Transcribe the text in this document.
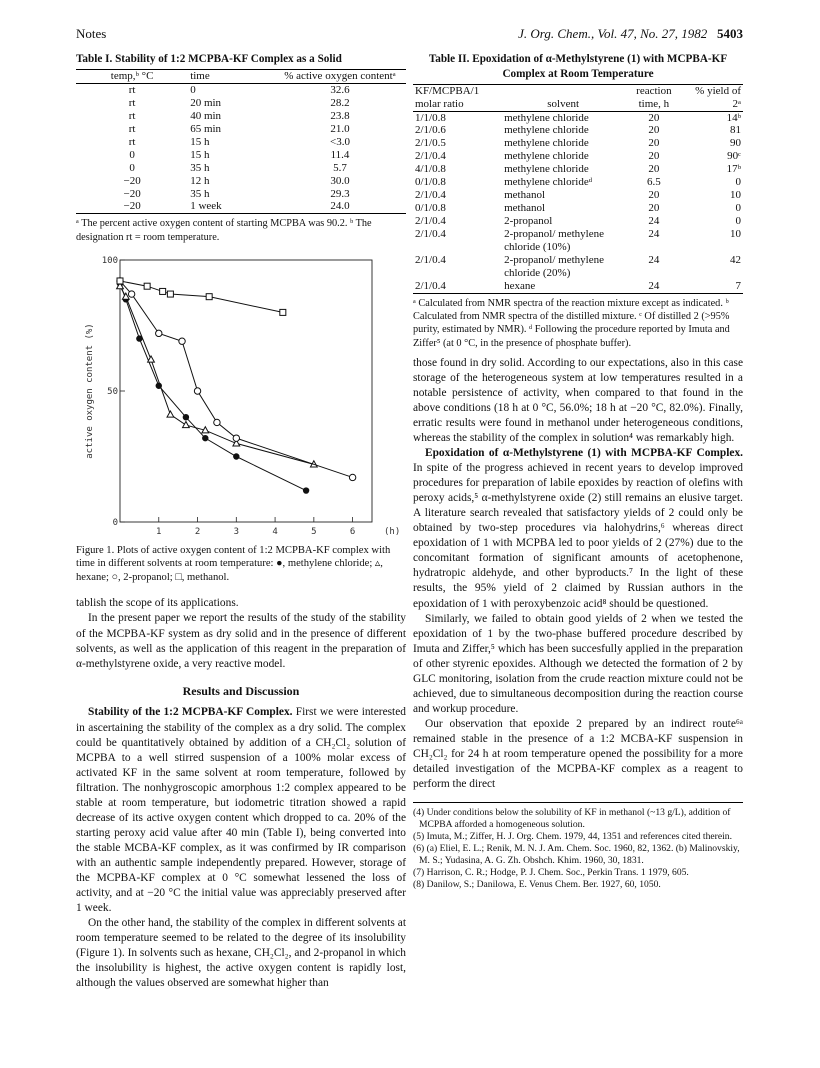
Notes	J. Org. Chem., Vol. 47, No. 27, 1982 5403
Table I. Stability of 1:2 MCPBA-KF Complex as a Solid
temp,ᵇ °C	time	% active oxygen contentᵃ
rt	0	32.6
rt	20 min	28.2
rt	40 min	23.8
rt	65 min	21.0
rt	15 h	<3.0
0	15 h	11.4
0	35 h	5.7
−20	12 h	30.0
−20	35 h	29.3
−20	1 week	24.0
ᵃ The percent active oxygen content of starting MCPBA was 90.2. ᵇ The designation rt = room temperature.
1	2	3	4	5	6	(h)
0
50
100
active oxygen content (%)
Figure 1. Plots of active oxygen content of 1:2 MCPBA-KF complex with time in different solvents at room temperature: ●, methylene chloride; ▵, hexane; ○, 2-propanol; □, methanol.

tablish the scope of its applications.

In the present paper we report the results of the study of the stability of the MCPBA-KF system as dry solid and in the presence of different solvents, as well as the application of this reagent in the preparation of α-methylstyrene oxide, a very reactive model.

Results and Discussion

Stability of the 1:2 MCPBA-KF Complex. First we were interested in ascertaining the stability of the complex as a dry solid. The complex could be quantitatively obtained by addition of a CH₂Cl₂ solution of MCPBA to a well stirred suspension of a 100% molar excess of activated KF in the same solvent at room temperature, followed by filtration. The nonhygroscopic amorphous 1:2 complex appeared to be stable at room temperature, but iodometric titration showed a rapid decrease of its active oxygen content which dropped to ca. 20% of the starting peroxy acid value after 40 min (Table I), being converted into the stable MCBA-KF complex, as it was confirmed by IR comparison with an authentic sample independently prepared. However, storage of the MCPBA-KF complex at 0 °C somewhat lessened the loss of activity, and at −20 °C the initial value was appreciably preserved after 1 week.

On the other hand, the stability of the complex in different solvents at room temperature seemed to be related to the degree of its insolubility (Figure 1). In solvents such as hexane, CH₂Cl₂, and 2-propanol in which the insolubility is highest, the active oxygen content is rapidly lost, although the values observed are somewhat higher than

Table II. Epoxidation of α-Methylstyrene (1) with MCPBA-KF Complex at Room Temperature
KF/MCPBA/1 molar ratio	solvent	reaction time, h	% yield of 2ᵃ
1/1/0.8	methylene chloride	20	14ᵇ
2/1/0.6	methylene chloride	20	81
2/1/0.5	methylene chloride	20	90
2/1/0.4	methylene chloride	20	90ᶜ
4/1/0.8	methylene chloride	20	17ᵇ
0/1/0.8	methylene chlorideᵈ	6.5	0
2/1/0.4	methanol	20	10
0/1/0.8	methanol	20	0
2/1/0.4	2-propanol	24	0
2/1/0.4	2-propanol/ methylene chloride (10%)	24	10
2/1/0.4	2-propanol/ methylene chloride (20%)	24	42
2/1/0.4	hexane	24	7
ᵃ Calculated from NMR spectra of the reaction mixture except as indicated. ᵇ Calculated from NMR spectra of the distilled mixture. ᶜ Of distilled 2 (>95% purity, estimated by NMR). ᵈ Following the procedure reported by Imuta and Ziffer⁵ (at 0 °C, in the presence of phosphate buffer).

those found in dry solid. According to our expectations, also in this case storage of the heterogeneous system at low temperatures resulted in a notable persistence of activity, when compared to that found in the above conditions (18 h at 0 °C, 56.0%; 18 h at −20 °C, 82.0%). Finally, erratic results were found in methanol under heterogeneous conditions, whereas the stability of the complex in solution⁴ was remarkably high.

Epoxidation of α-Methylstyrene (1) with MCPBA-KF Complex. In spite of the progress achieved in recent years to develop improved procedures for preparation of labile epoxides by reaction of olefins with peroxy acids,⁵ α-methylstyrene oxide (2) still remains an elusive target. A literature search revealed that satisfactory yields of 2 could only be obtained by two-step procedures via halohydrins,⁶ whereas direct epoxidation of 1 with MCPBA led to poor yields of 2 (27%) due to the concomitant formation of significant amounts of acetophenone, hydratropic aldehyde, and other byproducts.⁷ In the light of these results, the 95% yield of 2 claimed by Russian authors in the epoxidation of 1 with peroxybenzoic acid⁸ should be questioned.

Similarly, we failed to obtain good yields of 2 when we tested the epoxidation of 1 by the two-phase buffered procedure described by Imuta and Ziffer,⁵ which has been succesfully applied in the preparation of other styrenic epoxides. Although we detected the formation of 2 by GLC monitoring, isolation from the crude reaction mixture could not be achieved, due to simultaneous decomposition during the reaction course and workup procedure.

Our observation that epoxide 2 prepared by an indirect route⁶ᵃ remained stable in the presence of a 1:2 MCBA-KF suspension in CH₂Cl₂ for 24 h at room temperature opened the possibility for a more detailed investigation of the MCPBA-KF complex as a reagent to perform the direct

(4) Under conditions below the solubility of KF in methanol (~13 g/L), addition of MCPBA afforded a homogeneous solution.
(5) Imuta, M.; Ziffer, H. J. Org. Chem. 1979, 44, 1351 and references cited therein.
(6) (a) Eliel, E. L.; Renik, M. N. J. Am. Chem. Soc. 1960, 82, 1362. (b) Malinovskiy, M. S.; Yudasina, A. G. Zh. Obshch. Khim. 1960, 30, 1831.
(7) Harrison, C. R.; Hodge, P. J. Chem. Soc., Perkin Trans. 1 1979, 605.
(8) Danilow, S.; Danilowa, E. Venus Chem. Ber. 1927, 60, 1050.
